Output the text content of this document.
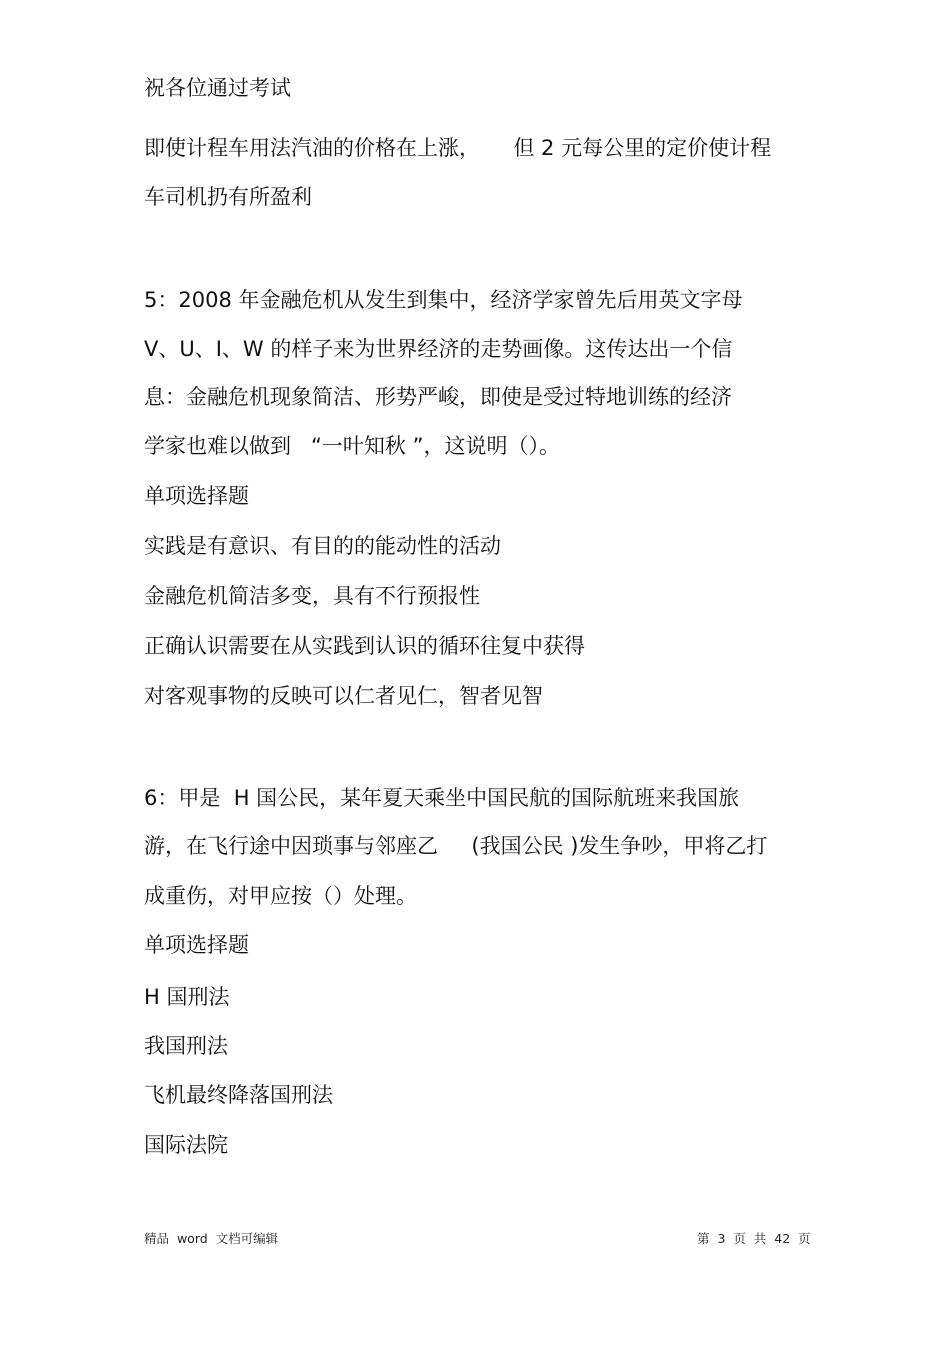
祝各位通过考试

即使计程车用法汽油的价格在上涨，     但 2 元每公里的定价使计程

车司机扔有所盈利

5：2008 年金融危机从发生到集中，经济学家曾先后用英文字母

V、U、I、W 的样子来为世界经济的走势画像。这传达出一个信

息：金融危机现象简洁、形势严峻，即使是受过特地训练的经济

学家也难以做到   “一叶知秋 ”，这说明（）。

单项选择题

实践是有意识、有目的的能动性的活动

金融危机简洁多变，具有不行预报性

正确认识需要在从实践到认识的循环往复中获得

对客观事物的反映可以仁者见仁，智者见智

6：甲是  H 国公民，某年夏天乘坐中国民航的国际航班来我国旅

游，在飞行途中因琐事与邻座乙     (我国公民 )发生争吵，甲将乙打

成重伤，对甲应按（）处理。

单项选择题

H 国刑法

我国刑法

飞机最终降落国刑法

国际法院

精品  word  文档可编辑	第  3  页  共  42  页
